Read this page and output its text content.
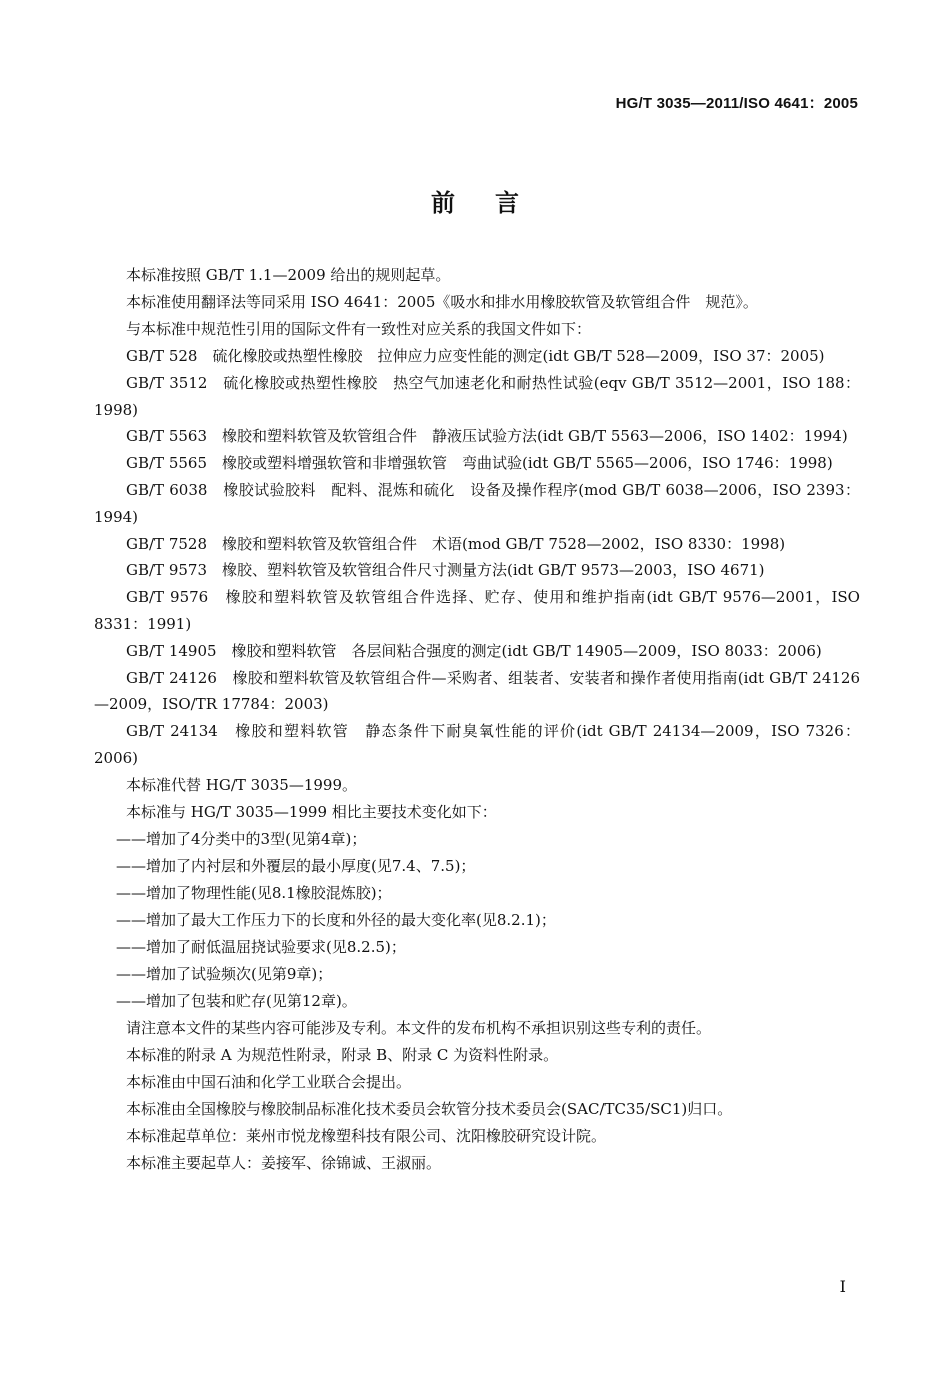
HG/T 3035—2011/ISO 4641：2005
前言

本标准按照 GB/T 1.1—2009 给出的规则起草。

本标准使用翻译法等同采用 ISO 4641：2005《吸水和排水用橡胶软管及软管组合件　规范》。

与本标准中规范性引用的国际文件有一致性对应关系的我国文件如下：

GB/T 528　硫化橡胶或热塑性橡胶　拉伸应力应变性能的测定(idt GB/T 528—2009，ISO 37：2005)

GB/T 3512　硫化橡胶或热塑性橡胶　热空气加速老化和耐热性试验(eqv GB/T 3512—2001，ISO 188：1998)

GB/T 5563　橡胶和塑料软管及软管组合件　静液压试验方法(idt GB/T 5563—2006，ISO 1402：1994)

GB/T 5565　橡胶或塑料增强软管和非增强软管　弯曲试验(idt GB/T 5565—2006，ISO 1746：1998)

GB/T 6038　橡胶试验胶料　配料、混炼和硫化　设备及操作程序(mod GB/T 6038—2006，ISO 2393：1994)

GB/T 7528　橡胶和塑料软管及软管组合件　术语(mod GB/T 7528—2002，ISO 8330：1998)

GB/T 9573　橡胶、塑料软管及软管组合件尺寸测量方法(idt GB/T 9573—2003，ISO 4671)

GB/T 9576　橡胶和塑料软管及软管组合件选择、贮存、使用和维护指南(idt GB/T 9576—2001，ISO 8331：1991)

GB/T 14905　橡胶和塑料软管　各层间粘合强度的测定(idt GB/T 14905—2009，ISO 8033：2006)

GB/T 24126　橡胶和塑料软管及软管组合件—采购者、组装者、安装者和操作者使用指南(idt GB/T 24126—2009，ISO/TR 17784：2003)

GB/T 24134　橡胶和塑料软管　静态条件下耐臭氧性能的评价(idt GB/T 24134—2009，ISO 7326：2006)

本标准代替 HG/T 3035—1999。

本标准与 HG/T 3035—1999 相比主要技术变化如下：

——增加了4分类中的3型(见第4章)；

——增加了内衬层和外覆层的最小厚度(见7.4、7.5)；

——增加了物理性能(见8.1橡胶混炼胶)；

——增加了最大工作压力下的长度和外径的最大变化率(见8.2.1)；

——增加了耐低温屈挠试验要求(见8.2.5)；

——增加了试验频次(见第9章)；

——增加了包装和贮存(见第12章)。

请注意本文件的某些内容可能涉及专利。本文件的发布机构不承担识别这些专利的责任。

本标准的附录 A 为规范性附录，附录 B、附录 C 为资料性附录。

本标准由中国石油和化学工业联合会提出。

本标准由全国橡胶与橡胶制品标准化技术委员会软管分技术委员会(SAC/TC35/SC1)归口。

本标准起草单位：莱州市悦龙橡塑科技有限公司、沈阳橡胶研究设计院。

本标准主要起草人：姜接军、徐锦诚、王淑丽。

I
